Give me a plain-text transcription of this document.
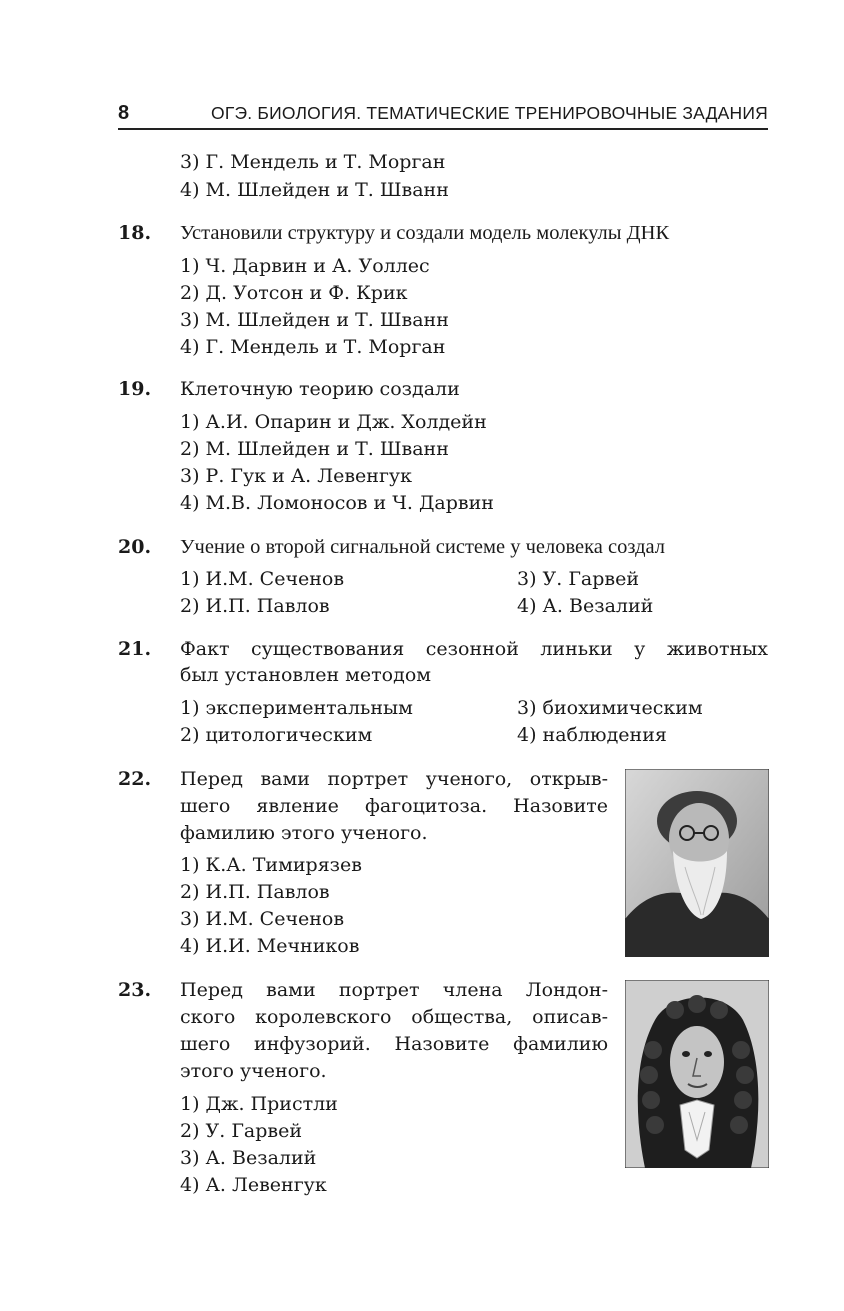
8	ОГЭ. БИОЛОГИЯ. ТЕМАТИЧЕСКИЕ ТРЕНИРОВОЧНЫЕ ЗАДАНИЯ
3) Г. Мендель и Т. Морган
4) М. Шлейден и Т. Шванн
18. Установили структуру и создали модель молекулы ДНК
1) Ч. Дарвин и А. Уоллес
2) Д. Уотсон и Ф. Крик
3) М. Шлейден и Т. Шванн
4) Г. Мендель и Т. Морган
19. Клеточную теорию создали
1) А.И. Опарин и Дж. Холдейн
2) М. Шлейден и Т. Шванн
3) Р. Гук и А. Левенгук
4) М.В. Ломоносов и Ч. Дарвин
20. Учение о второй сигнальной системе у человека создал
1) И.М. Сеченов
2) И.П. Павлов
3) У. Гарвей
4) А. Везалий
21. Факт существования сезонной линьки у животных
был установлен методом
1) экспериментальным
2) цитологическим
3) биохимическим
4) наблюдения
22. Перед вами портрет ученого, открыв-
шего явление фагоцитоза. Назовите
фамилию этого ученого.
1) К.А. Тимирязев
2) И.П. Павлов
3) И.М. Сеченов
4) И.И. Мечников
23. Перед вами портрет члена Лондон-
ского королевского общества, описав-
шего инфузорий. Назовите фамилию
этого ученого.
1) Дж. Пристли
2) У. Гарвей
3) А. Везалий
4) А. Левенгук
